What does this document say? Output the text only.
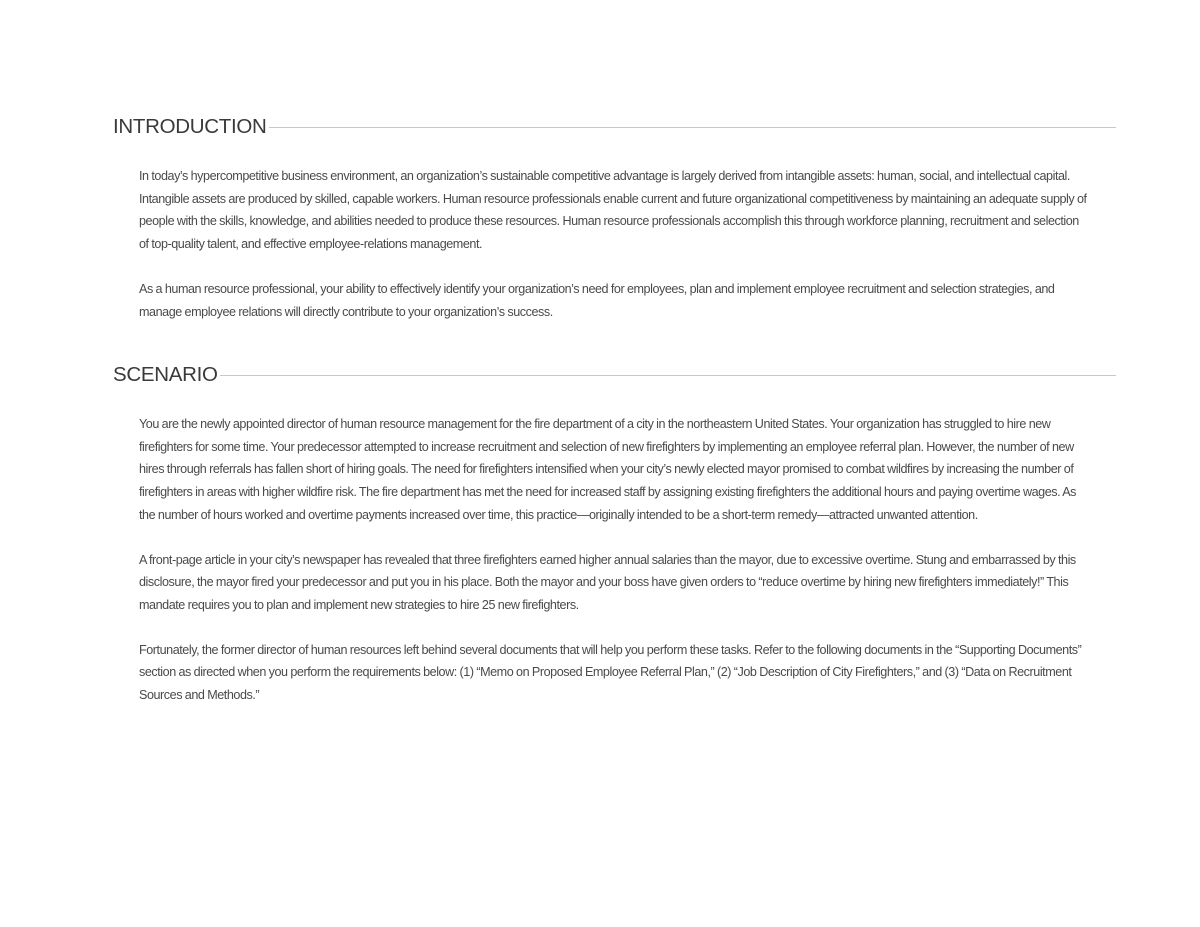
INTRODUCTION

In today’s hypercompetitive business environment, an organization’s sustainable competitive advantage is largely derived from intangible assets: human, social, and intellectual capital. Intangible assets are produced by skilled, capable workers. Human resource professionals enable current and future organizational competitiveness by maintaining an adequate supply of people with the skills, knowledge, and abilities needed to produce these resources. Human resource professionals accomplish this through workforce planning, recruitment and selection of top-quality talent, and effective employee-relations management.

As a human resource professional, your ability to effectively identify your organization’s need for employees, plan and implement employee recruitment and selection strategies, and manage employee relations will directly contribute to your organization’s success.

SCENARIO

You are the newly appointed director of human resource management for the fire department of a city in the northeastern United States. Your organization has struggled to hire new firefighters for some time. Your predecessor attempted to increase recruitment and selection of new firefighters by implementing an employee referral plan. However, the number of new hires through referrals has fallen short of hiring goals. The need for firefighters intensified when your city’s newly elected mayor promised to combat wildfires by increasing the number of firefighters in areas with higher wildfire risk. The fire department has met the need for increased staff by assigning existing firefighters the additional hours and paying overtime wages. As the number of hours worked and overtime payments increased over time, this practice—originally intended to be a short-term remedy—attracted unwanted attention.

A front-page article in your city’s newspaper has revealed that three firefighters earned higher annual salaries than the mayor, due to excessive overtime. Stung and embarrassed by this disclosure, the mayor fired your predecessor and put you in his place. Both the mayor and your boss have given orders to “reduce overtime by hiring new firefighters immediately!” This mandate requires you to plan and implement new strategies to hire 25 new firefighters.

Fortunately, the former director of human resources left behind several documents that will help you perform these tasks. Refer to the following documents in the “Supporting Documents” section as directed when you perform the requirements below: (1) “Memo on Proposed Employee Referral Plan,” (2) “Job Description of City Firefighters,” and (3) “Data on Recruitment Sources and Methods.”
